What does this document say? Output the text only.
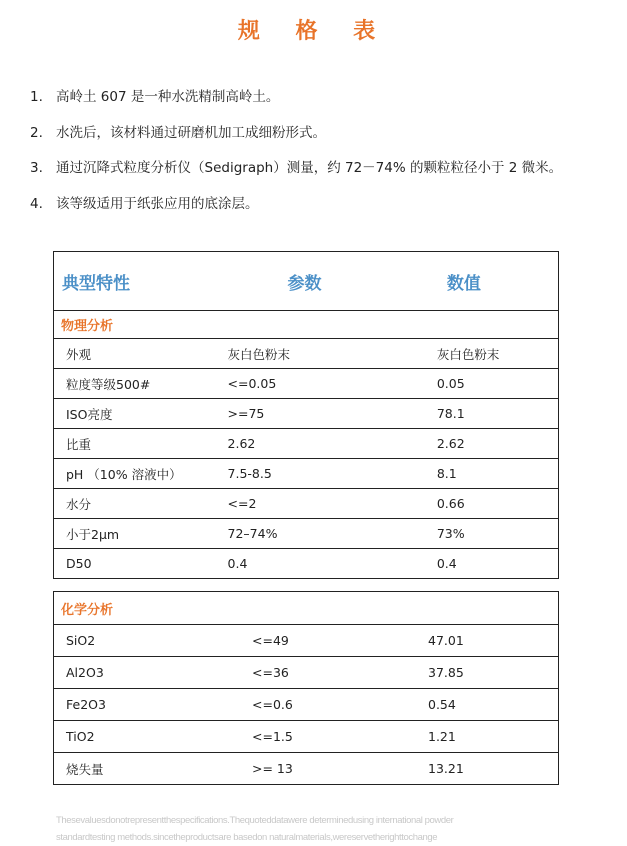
规 格 表
1. 高岭土 607 是一种水洗精制高岭土。
2. 水洗后，该材料通过研磨机加工成细粉形式。
3. 通过沉降式粒度分析仪（Sedigraph）测量，约 72－74% 的颗粒粒径小于 2 微米。
4. 该等级适用于纸张应用的底涂层。
典型特性	参数	数值
物理分析		
外观	灰白色粉末	灰白色粉末
粒度等级500#	<=0.05	0.05
ISO亮度	>=75	78.1
比重	2.62	2.62
pH （10% 溶液中）	7.5-8.5	8.1
水分	<=2	0.66
小于2μm	72–74%	73%
D50	0.4	0.4
化学分析		
SiO2	<=49	47.01
Al2O3	<=36	37.85
Fe2O3	<=0.6	0.54
TiO2	<=1.5	1.21
烧失量	>= 13	13.21
Thesevaluesdonotrepresentthespecifications.Thequoteddatawere determinedusing international powder
standardtesting methods.sincetheproductsare basedon naturalmaterials,wereservetherighttochange
